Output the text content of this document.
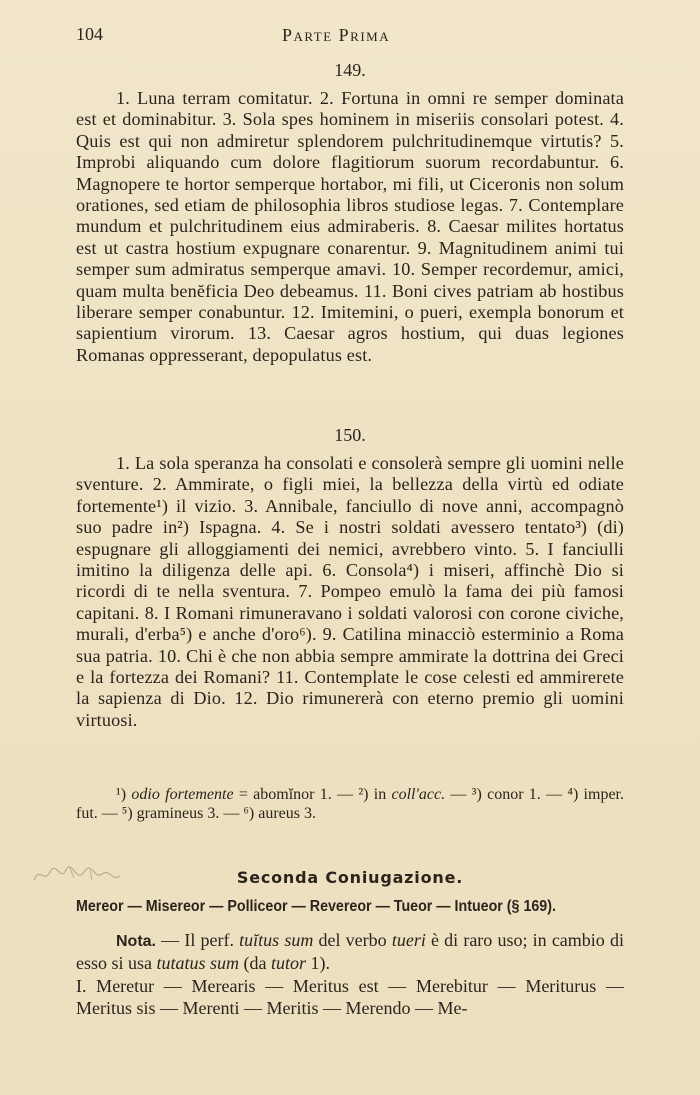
104	Parte Prima
149.
1. Luna terram comitatur. 2. Fortuna in omni re semper dominata est et dominabitur. 3. Sola spes hominem in miseriis consolari potest. 4. Quis est qui non admiretur splendorem pulchritudinemque virtutis? 5. Improbi aliquando cum dolore flagitiorum suorum recordabuntur. 6. Magnopere te hortor semperque hortabor, mi fili, ut Ciceronis non solum orationes, sed etiam de philosophia libros studiose legas. 7. Contemplare mundum et pulchritudinem eius admiraberis. 8. Caesar milites hortatus est ut castra hostium expugnare conarentur. 9. Magnitudinem animi tui semper sum admiratus semperque amavi. 10. Semper recordemur, amici, quam multa benĕficia Deo debeamus. 11. Boni cives patriam ab hostibus liberare semper conabuntur. 12. Imitemini, o pueri, exempla bonorum et sapientium virorum. 13. Caesar agros hostium, qui duas legiones Romanas oppresserant, depopulatus est.
150.
1. La sola speranza ha consolati e consolerà sempre gli uomini nelle sventure. 2. Ammirate, o figli miei, la bellezza della virtù ed odiate fortemente¹) il vizio. 3. Annibale, fanciullo di nove anni, accompagnò suo padre in²) Ispagna. 4. Se i nostri soldati avessero tentato³) (di) espugnare gli alloggiamenti dei nemici, avrebbero vinto. 5. I fanciulli imitino la diligenza delle api. 6. Consola⁴) i miseri, affinchè Dio si ricordi di te nella sventura. 7. Pompeo emulò la fama dei più famosi capitani. 8. I Romani rimuneravano i soldati valorosi con corone civiche, murali, d'erba⁵) e anche d'oro⁶). 9. Catilina minacciò esterminio a Roma sua patria. 10. Chi è che non abbia sempre ammirate la dottrina dei Greci e la fortezza dei Romani? 11. Contemplate le cose celesti ed ammirerete la sapienza di Dio. 12. Dio rimunererà con eterno premio gli uomini virtuosi.
¹) odio fortemente = abomĭnor 1. — ²) in coll'acc. — ³) conor 1. — ⁴) imper. fut. — ⁵) gramineus 3. — ⁶) aureus 3.
Seconda Coniugazione.
Mereor — Misereor — Polliceor — Revereor — Tueor — Intueor (§ 169).
Nota. — Il perf. tuĭtus sum del verbo tueri è di raro uso; in cambio di esso si usa tutatus sum (da tutor 1).
I. Meretur — Merearis — Meritus est — Merebitur — Meriturus — Meritus sis — Merenti — Meritis — Merendo — Me-
